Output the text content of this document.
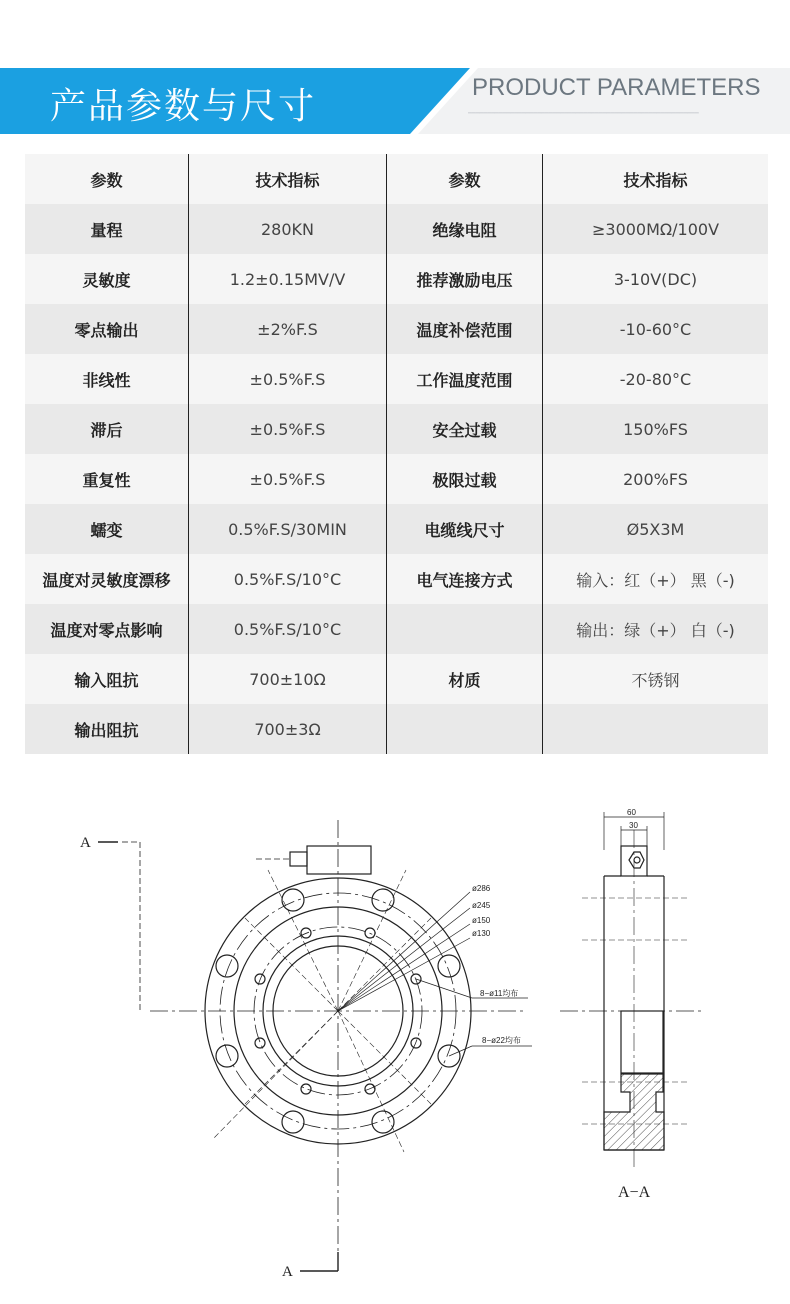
产品参数与尺寸	PRODUCT PARAMETERS
▁▁▁▁▁▁▁▁▁▁▁▁▁▁▁▁▁▁▁▁▁▁▁▁▁▁▁▁▁▁▁▁▁▁▁▁▁▁▁▁▁▁▁▁▁▁▁▁▁▁▁▁▁▁▁▁▁▁▁▁
参数	技术指标	参数	技术指标
量程	280KN	绝缘电阻	≥3000MΩ/100V
灵敏度	1.2±0.15MV/V	推荐激励电压	3-10V(DC)
零点输出	±2%F.S	温度补偿范围	-10-60°C
非线性	±0.5%F.S	工作温度范围	-20-80°C
滞后	±0.5%F.S	安全过载	150%FS
重复性	±0.5%F.S	极限过载	200%FS
蠕变	0.5%F.S/30MIN	电缆线尺寸	Ø5X3M
温度对灵敏度漂移	0.5%F.S/10°C	电气连接方式	输入：红（+） 黑（-)
温度对零点影响	0.5%F.S/10°C		输出：绿（+） 白（-)
输入阻抗	700±10Ω	材质	不锈钢
输出阻抗	700±3Ω		
ø286
ø245
ø150
ø130
8−ø11均布
8−ø22均布
A
A
60
30
A−A
